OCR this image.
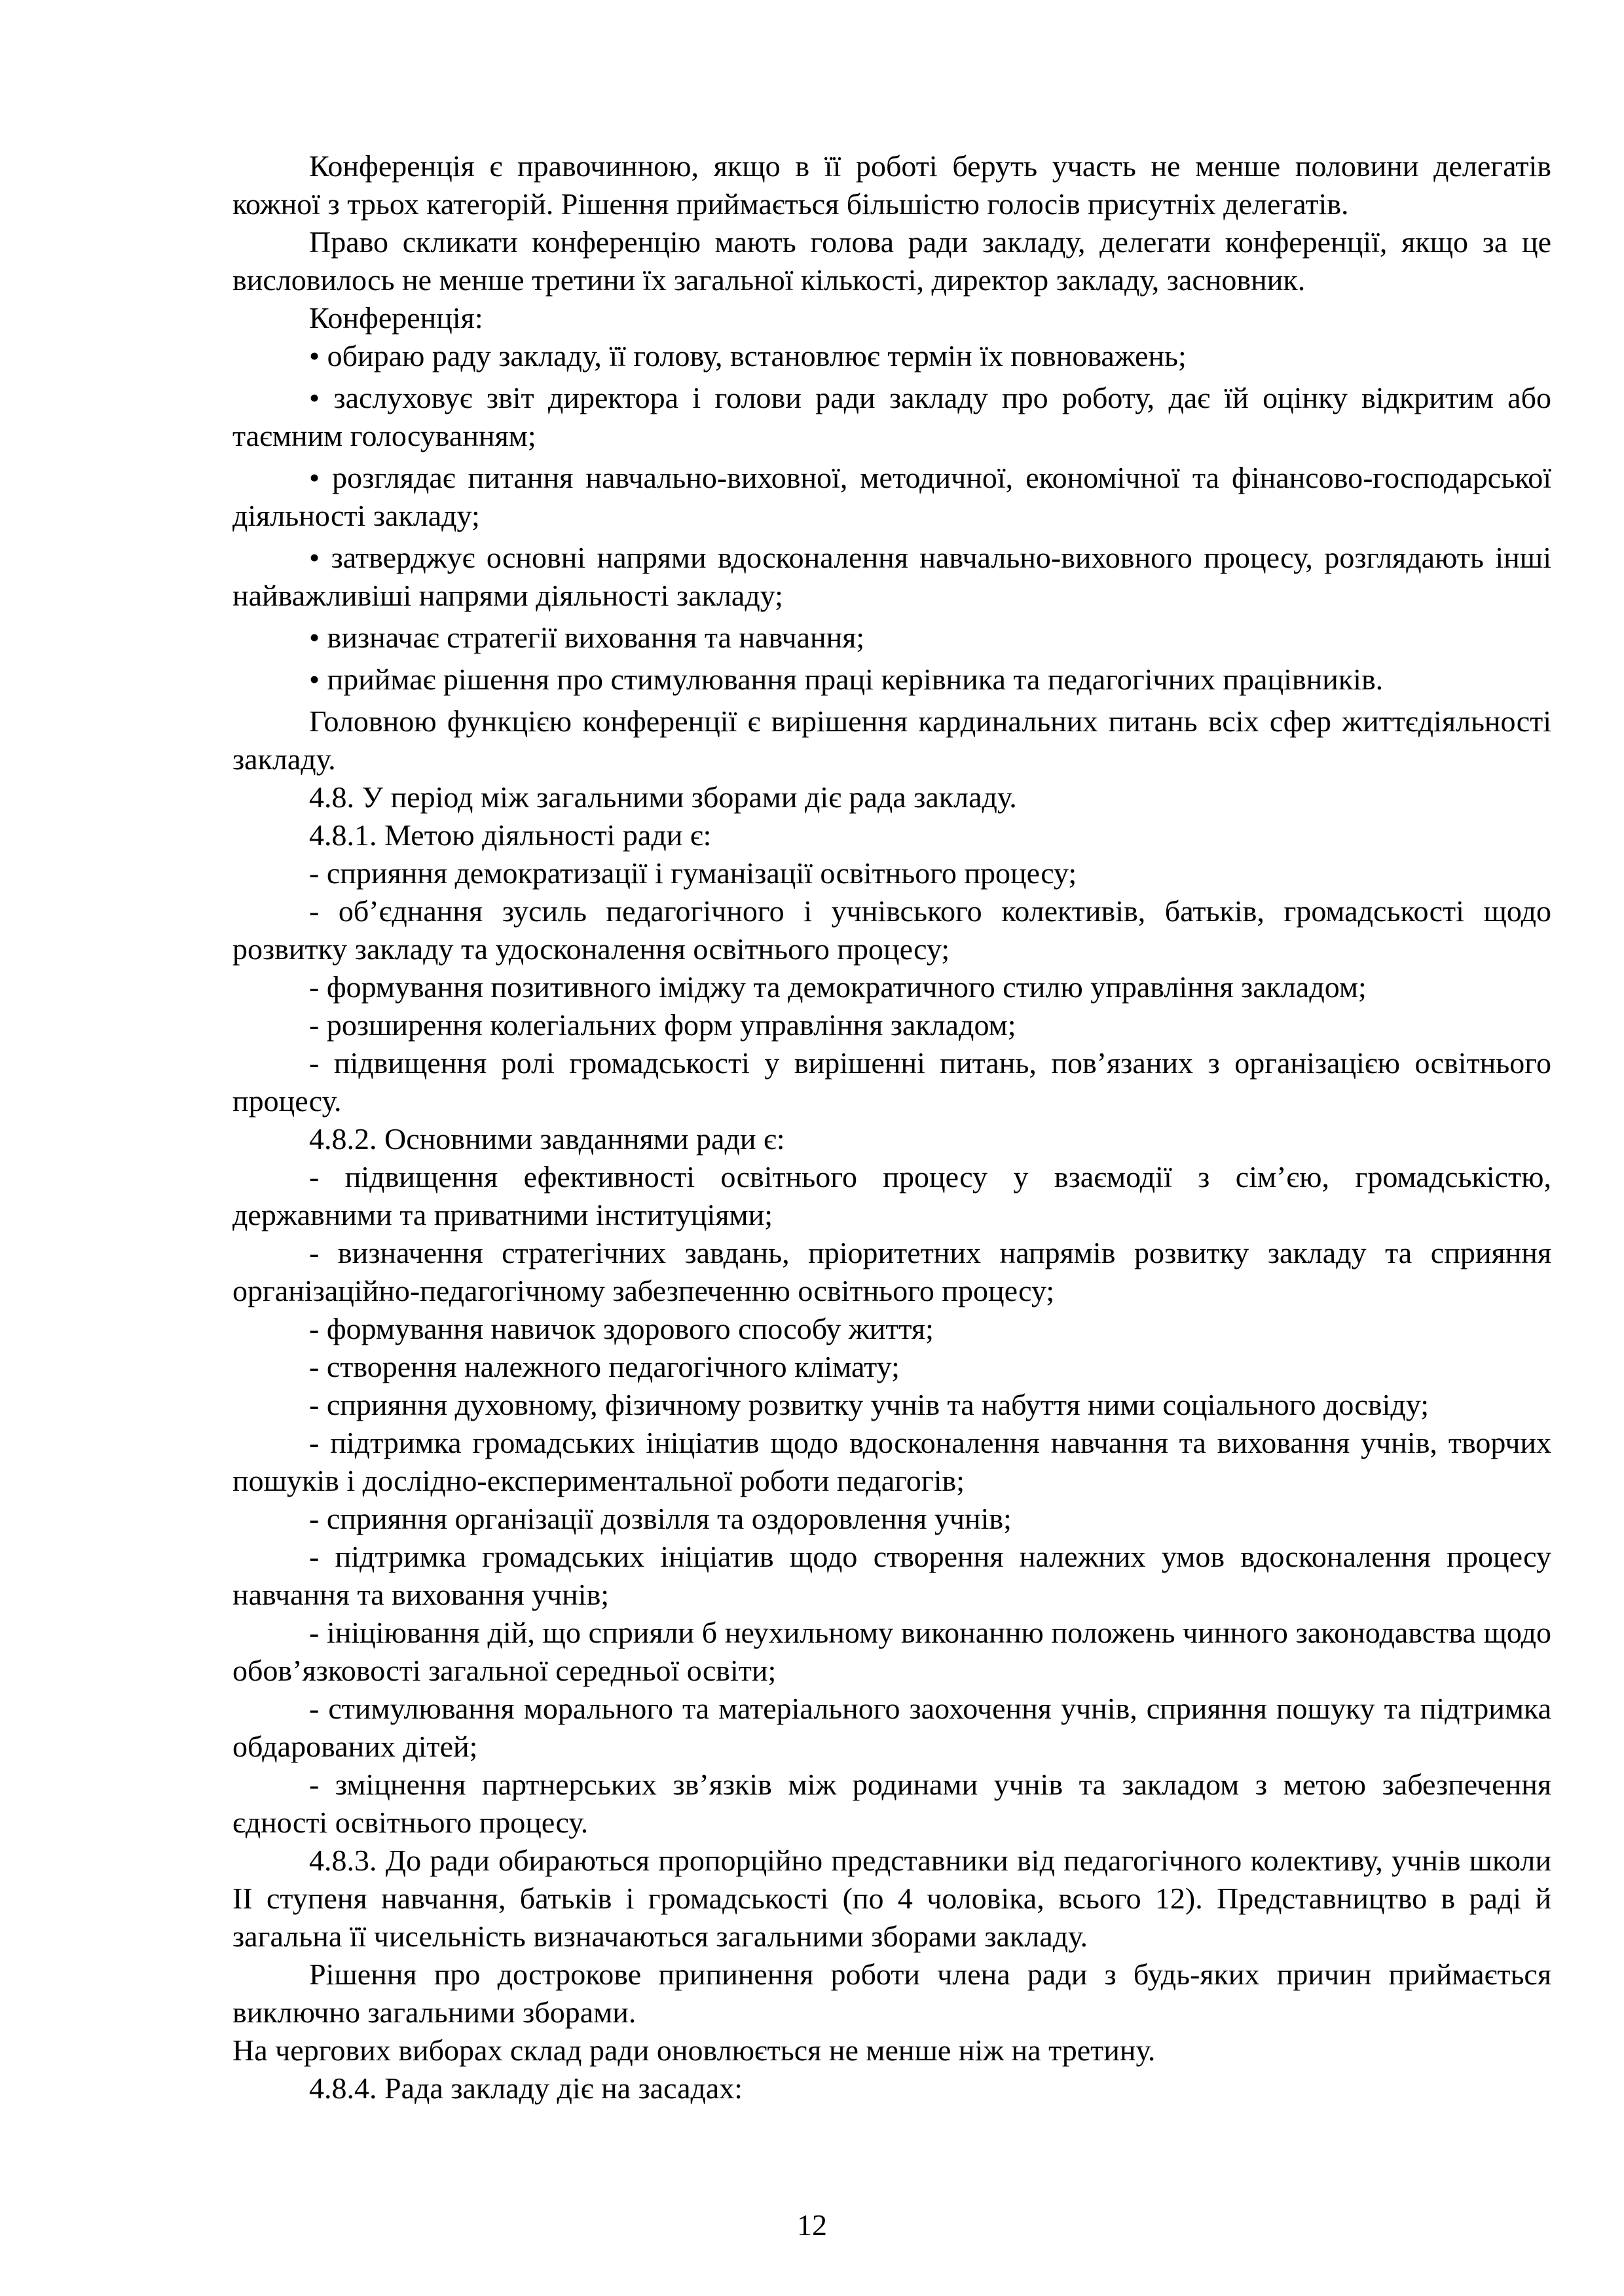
Конференція є правочинною, якщо в її роботі беруть участь не менше половини делегатів кожної з трьох категорій. Рішення приймається більшістю голосів присутніх делегатів.

Право скликати конференцію мають голова ради закладу, делегати конференції, якщо за це висловилось не менше третини їх загальної кількості, директор закладу, засновник.

Конференція:

• обираю раду закладу, її голову, встановлює термін їх повноважень;

• заслуховує звіт директора і голови ради закладу про роботу, дає їй оцінку відкритим або таємним голосуванням;

• розглядає питання навчально-виховної, методичної, економічної та фінансово-господарської діяльності закладу;

• затверджує основні напрями вдосконалення навчально-виховного процесу, розглядають інші найважливіші напрями діяльності закладу;

• визначає стратегії виховання та навчання;

• приймає рішення про стимулювання праці керівника та педагогічних працівників.

Головною функцією конференції є вирішення кардинальних питань всіх сфер життєдіяльності закладу.

4.8. У період між загальними зборами діє рада закладу.

4.8.1. Метою діяльності ради є:

- сприяння демократизації і гуманізації освітнього процесу;

- об’єднання зусиль педагогічного і учнівського колективів, батьків, громадськості щодо розвитку закладу та удосконалення освітнього процесу;

- формування позитивного іміджу та демократичного стилю управління закладом;

- розширення колегіальних форм управління закладом;

- підвищення ролі громадськості у вирішенні питань, пов’язаних з організацією освітнього процесу.

4.8.2. Основними завданнями ради є:

- підвищення ефективності освітнього процесу у взаємодії з сім’єю, громадськістю, державними та приватними інституціями;

- визначення стратегічних завдань, пріоритетних напрямів розвитку закладу та сприяння організаційно-педагогічному забезпеченню освітнього процесу;

- формування навичок здорового способу життя;

- створення належного педагогічного клімату;

- сприяння духовному, фізичному розвитку учнів та набуття ними соціального досвіду;

- підтримка громадських ініціатив щодо вдосконалення навчання та виховання учнів, творчих пошуків і дослідно-експериментальної роботи педагогів;

- сприяння організації дозвілля та оздоровлення учнів;

- підтримка громадських ініціатив щодо створення належних умов вдосконалення процесу навчання та виховання учнів;

- ініціювання дій, що сприяли б неухильному виконанню положень чинного законодавства щодо обов’язковості загальної середньої освіти;

- стимулювання морального та матеріального заохочення учнів, сприяння пошуку та підтримка обдарованих дітей;

- зміцнення партнерських зв’язків між родинами учнів та закладом з метою забезпечення єдності освітнього процесу.

4.8.3. До ради обираються пропорційно представники від педагогічного колективу, учнів школи ІІ ступеня навчання, батьків і громадськості (по 4 чоловіка, всього 12). Представництво в раді й загальна її чисельність визначаються загальними зборами закладу.

Рішення про дострокове припинення роботи члена ради з будь-яких причин приймається виключно загальними зборами.

На чергових виборах склад ради оновлюється не менше ніж на третину.

4.8.4. Рада закладу діє на засадах:

12
